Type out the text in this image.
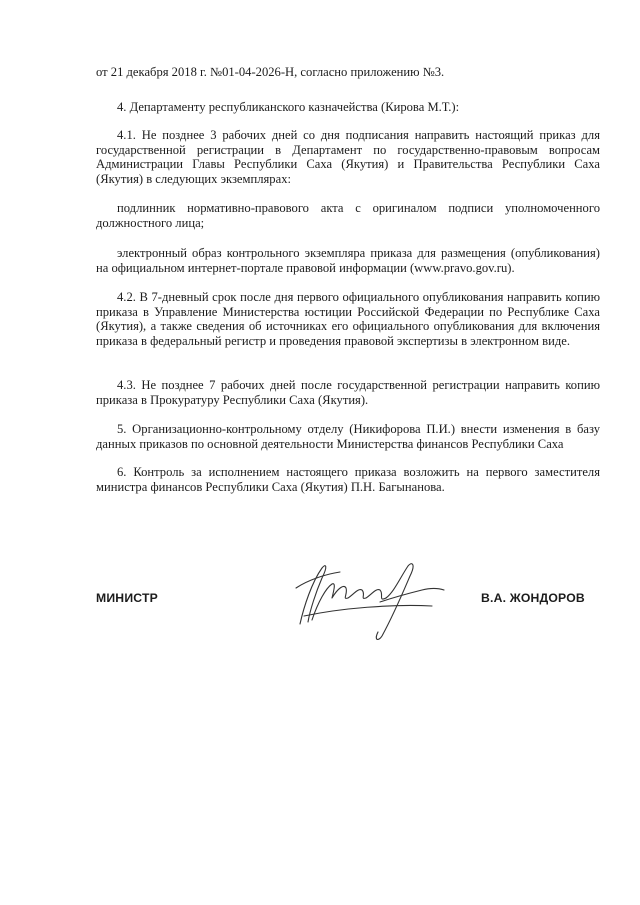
от 21 декабря 2018 г. №01-04-2026-Н, согласно приложению №3.

4. Департаменту республиканского казначейства (Кирова М.Т.):

4.1. Не позднее 3 рабочих дней со дня подписания направить настоящий приказ для государственной регистрации в Департамент по государственно-правовым вопросам Администрации Главы Республики Саха (Якутия) и Правительства Республики Саха (Якутия) в следующих экземплярах:

подлинник нормативно-правового акта с оригиналом подписи уполномоченного должностного лица;

электронный образ контрольного экземпляра приказа для размещения (опубликования) на официальном интернет-портале правовой информации (www.pravo.gov.ru).

4.2. В 7-дневный срок после дня первого официального опубликования направить копию приказа в Управление Министерства юстиции Российской Федерации по Республике Саха (Якутия), а также сведения об источниках его официального опубликования для включения приказа в федеральный регистр и проведения правовой экспертизы в электронном виде.

4.3. Не позднее 7 рабочих дней после государственной регистрации направить копию приказа в Прокуратуру Республики Саха (Якутия).

5. Организационно-контрольному отделу (Никифорова П.И.) внести изменения в базу данных приказов по основной деятельности Министерства финансов Республики Саха

6. Контроль за исполнением настоящего приказа возложить на первого заместителя министра финансов Республики Саха (Якутия) П.Н. Багынанова.

МИНИСТР	В.А. ЖОНДОРОВ
